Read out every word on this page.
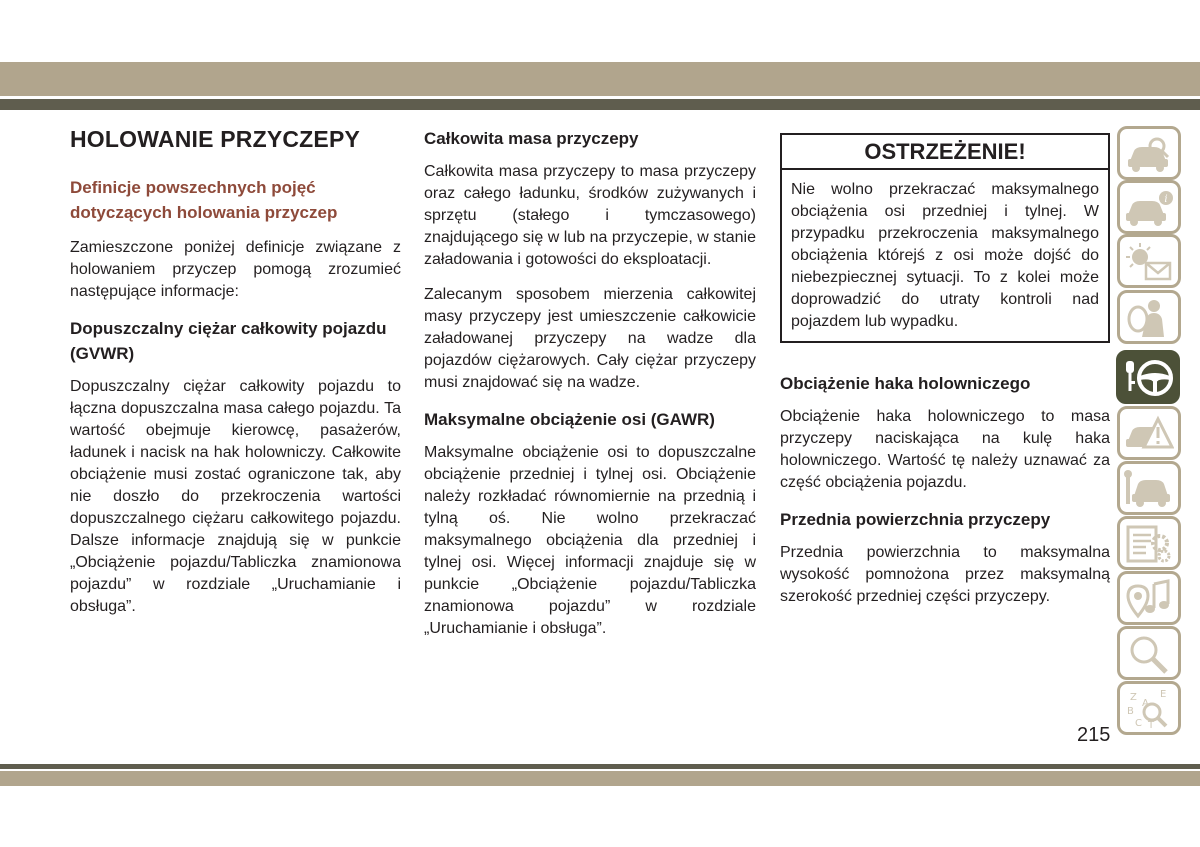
HOLOWANIE PRZYCZEPY
Definicje powszechnych pojęć dotyczących holowania przyczep

Zamieszczone poniżej definicje związane z holowaniem przyczep pomogą zrozumieć następujące informacje:

Dopuszczalny ciężar całkowity pojazdu (GVWR)

Dopuszczalny ciężar całkowity pojazdu to łączna dopuszczalna masa całego pojazdu. Ta wartość obejmuje kierowcę, pasażerów, ładunek i nacisk na hak holowniczy. Całkowite obciążenie musi zostać ograniczone tak, aby nie doszło do przekroczenia wartości dopuszczalnego ciężaru całkowitego pojazdu. Dalsze informacje znajdują się w punkcie „Obciążenie pojazdu/Tabliczka znamionowa pojazdu” w rozdziale „Uruchamianie i obsługa”.

Całkowita masa przyczepy

Całkowita masa przyczepy to masa przyczepy oraz całego ładunku, środków zużywanych i sprzętu (stałego i tymczasowego) znajdującego się w lub na przyczepie, w stanie załadowania i gotowości do eksploatacji.

Zalecanym sposobem mierzenia całkowitej masy przyczepy jest umieszczenie całkowicie załadowanej przyczepy na wadze dla pojazdów ciężarowych. Cały ciężar przyczepy musi znajdować się na wadze.

Maksymalne obciążenie osi (GAWR)

Maksymalne obciążenie osi to dopuszczalne obciążenie przedniej i tylnej osi. Obciążenie należy rozkładać równomiernie na przednią i tylną oś. Nie wolno przekraczać maksymalnego obciążenia dla przedniej i tylnej osi. Więcej informacji znajduje się w punkcie „Obciążenie pojazdu/Tabliczka znamionowa pojazdu” w rozdziale „Uruchamianie i obsługa”.

OSTRZEŻENIE!
Nie wolno przekraczać maksymalnego obciążenia osi przedniej i tylnej. W przypadku przekroczenia maksymalnego obciążenia którejś z osi może dojść do niebezpiecznej sytuacji. To z kolei może doprowadzić do utraty kontroli nad pojazdem lub wypadku.
Obciążenie haka holowniczego

Obciążenie haka holowniczego to masa przyczepy naciskająca na kulę haka holowniczego. Wartość tę należy uznawać za część obciążenia pojazdu.

Przednia powierzchnia przyczepy

Przednia powierzchnia to maksymalna wysokość pomnożona przez maksymalną szerokość przedniej części przyczepy.

i
Z E
B
C T
A
215
